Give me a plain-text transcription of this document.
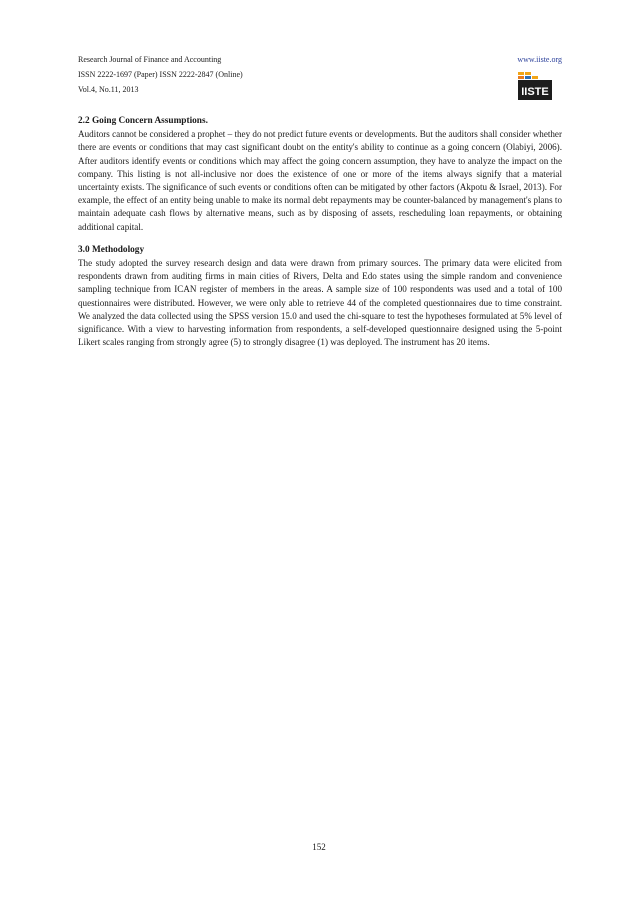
Research Journal of Finance and Accounting
ISSN 2222-1697 (Paper) ISSN 2222-2847 (Online)
Vol.4, No.11, 2013
www.iiste.org
IISTE
2.2 Going Concern Assumptions.

Auditors cannot be considered a prophet – they do not predict future events or developments. But the auditors shall consider whether there are events or conditions that may cast significant doubt on the entity's ability to continue as a going concern (Olabiyi, 2006). After auditors identify events or conditions which may affect the going concern assumption, they have to analyze the impact on the company. This listing is not all-inclusive nor does the existence of one or more of the items always signify that a material uncertainty exists. The significance of such events or conditions often can be mitigated by other factors (Akpotu & Israel, 2013). For example, the effect of an entity being unable to make its normal debt repayments may be counter-balanced by management's plans to maintain adequate cash flows by alternative means, such as by disposing of assets, rescheduling loan repayments, or obtaining additional capital.

3.0 Methodology

The study adopted the survey research design and data were drawn from primary sources. The primary data were elicited from respondents drawn from auditing firms in main cities of Rivers, Delta and Edo states using the simple random and convenience sampling technique from ICAN register of members in the areas. A sample size of 100 respondents was used and a total of 100 questionnaires were distributed. However, we were only able to retrieve 44 of the completed questionnaires due to time constraint. We analyzed the data collected using the SPSS version 15.0 and used the chi-square to test the hypotheses formulated at 5% level of significance. With a view to harvesting information from respondents, a self-developed questionnaire designed using the 5-point Likert scales ranging from strongly agree (5) to strongly disagree (1) was deployed. The instrument has 20 items.

152
